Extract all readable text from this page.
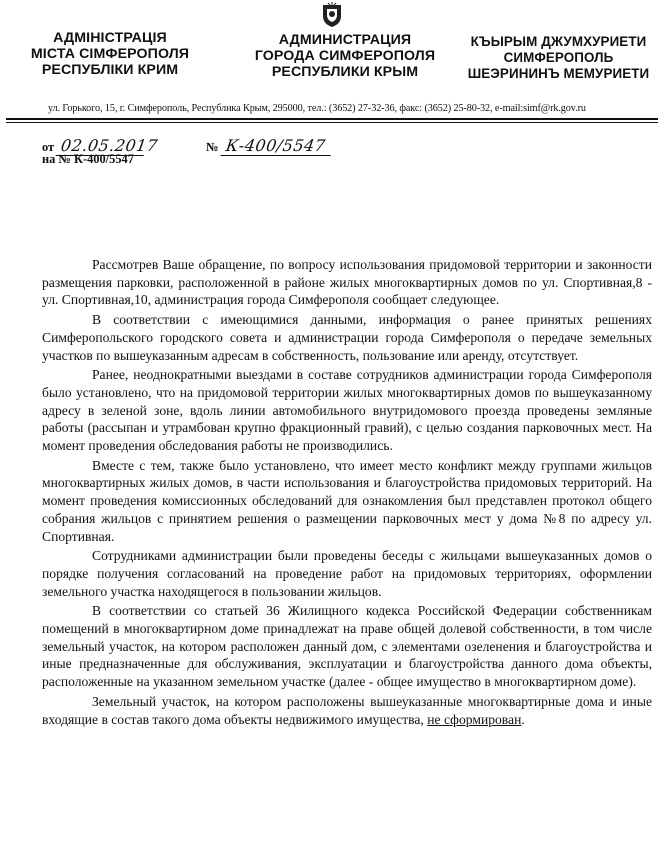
АДМІНІСТРАЦІЯ
МІСТА СІМФЕРОПОЛЯ
РЕСПУБЛІКИ КРИМ
АДМИНИСТРАЦИЯ
ГОРОДА СИМФЕРОПОЛЯ
РЕСПУБЛИКИ КРЫМ
КЪЫРЫМ ДЖУМХУРИЕТИ
СИМФЕРОПОЛЬ
ШЕЭРИНИНЪ МЕМУРИЕТИ
ул. Горького, 15, г. Симферополь, Республика Крым, 295000, тел.: (3652) 27-32-36, факс: (3652) 25-80-32, e-mail:simf@rk.gov.ru
от 02.05.2017	№ К-400/5547
на № К-400/5547

Рассмотрев Ваше обращение, по вопросу использования придомовой территории и законности размещения парковки, расположенной в районе жилых многоквартирных домов по ул. Спортивная,8 - ул. Спортивная,10, администрация города Симферополя сообщает следующее.

В соответствии с имеющимися данными, информация о ранее принятых решениях Симферопольского городского совета и администрации города Симферополя о передаче земельных участков по вышеуказанным адресам в собственность, пользование или аренду, отсутствует.

Ранее, неоднократными выездами в составе сотрудников администрации города Симферополя было установлено, что на придомовой территории жилых многоквартирных домов по вышеуказанному адресу в зеленой зоне, вдоль линии автомобильного внутридомового проезда проведены земляные работы (рассыпан и утрамбован крупно фракционный гравий), с целью создания парковочных мест. На момент проведения обследования работы не производились.

Вместе с тем, также было установлено, что имеет место конфликт между группами жильцов многоквартирных жилых домов, в части использования и благоустройства придомовых территорий. На момент проведения комиссионных обследований для ознакомления был представлен протокол общего собрания жильцов с принятием решения о размещении парковочных мест у дома №8 по адресу ул. Спортивная.

Сотрудниками администрации были проведены беседы с жильцами вышеуказанных домов о порядке получения согласований на проведение работ на придомовых территориях, оформлении земельного участка находящегося в пользовании жильцов.

В соответствии со статьей 36 Жилищного кодекса Российской Федерации собственникам помещений в многоквартирном доме принадлежат на праве общей долевой собственности, в том числе земельный участок, на котором расположен данный дом, с элементами озеленения и благоустройства и иные предназначенные для обслуживания, эксплуатации и благоустройства данного дома объекты, расположенные на указанном земельном участке (далее - общее имущество в многоквартирном доме).

Земельный участок, на котором расположены вышеуказанные многоквартирные дома и иные входящие в состав такого дома объекты недвижимого имущества, не сформирован.
